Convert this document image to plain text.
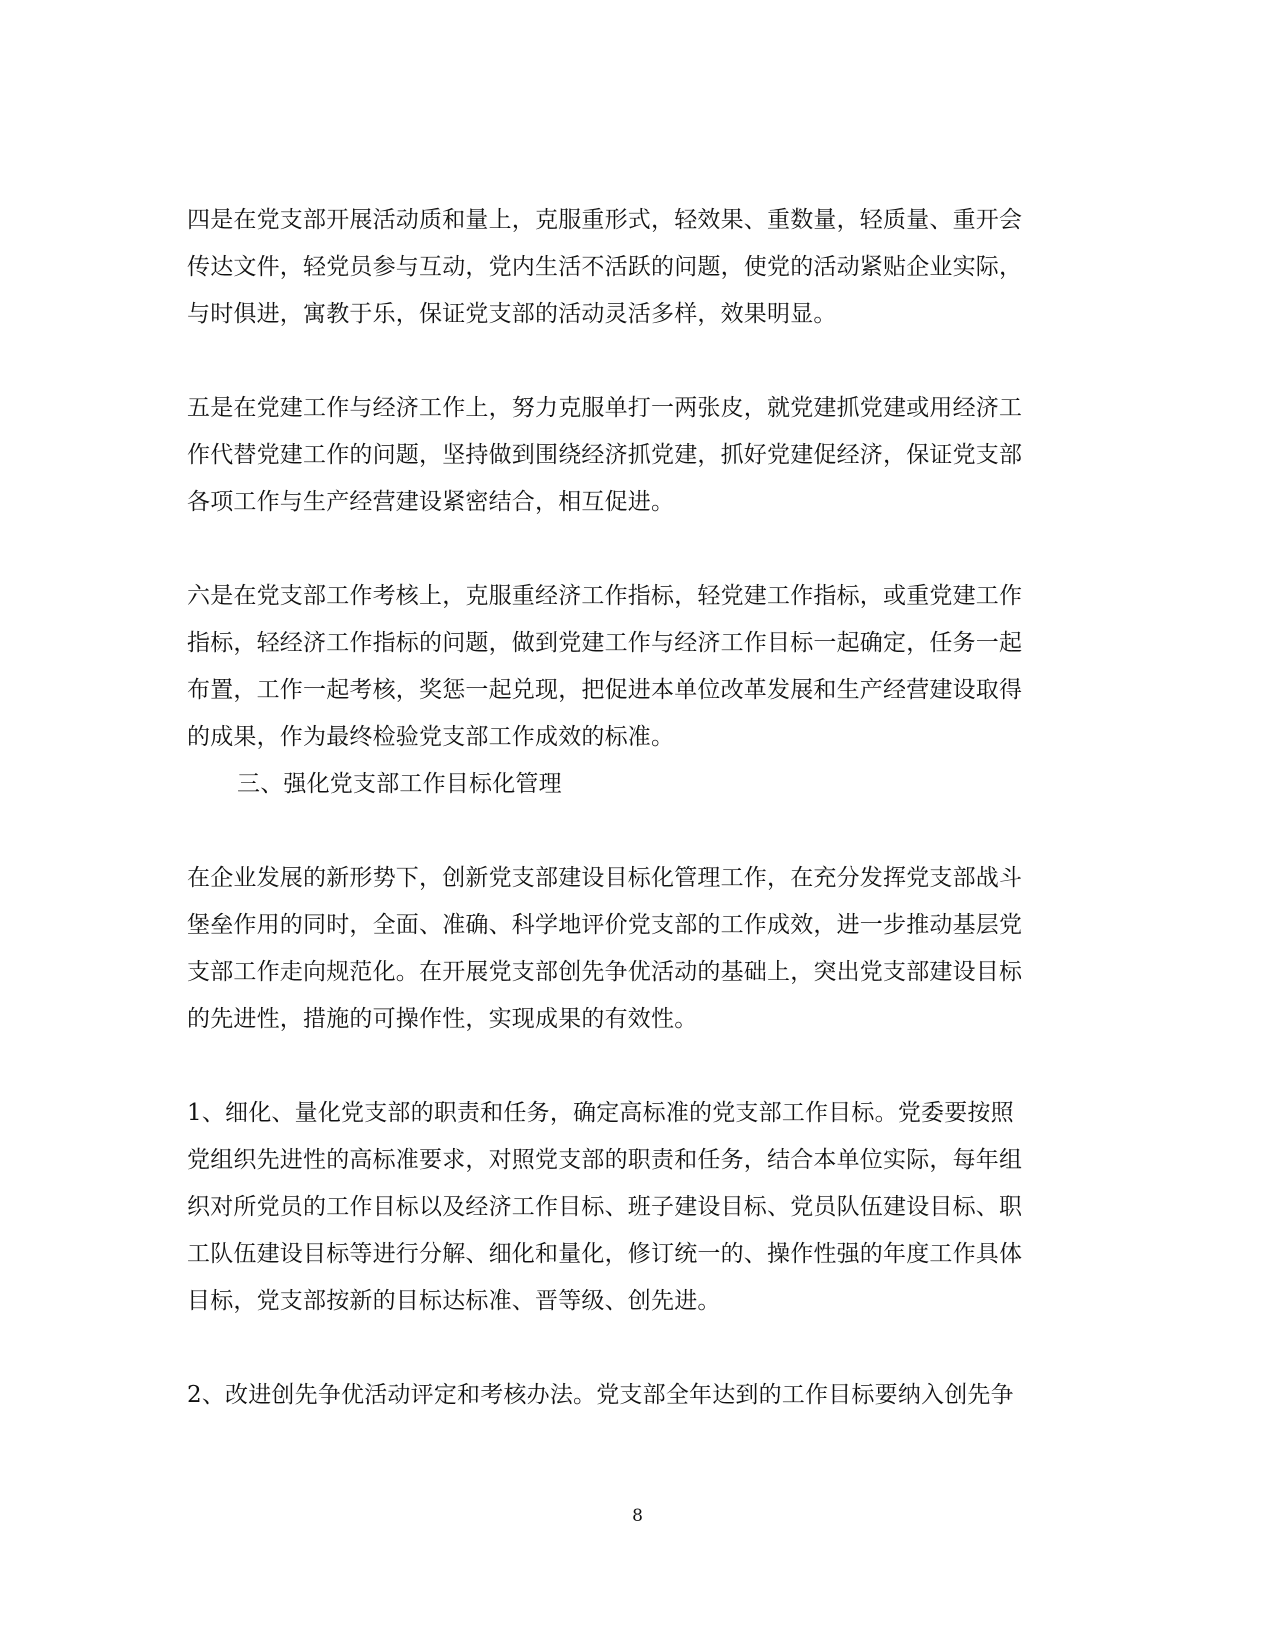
四是在党支部开展活动质和量上，克服重形式，轻效果、重数量，轻质量、重开会
传达文件，轻党员参与互动，党内生活不活跃的问题，使党的活动紧贴企业实际，
与时俱进，寓教于乐，保证党支部的活动灵活多样，效果明显。
五是在党建工作与经济工作上，努力克服单打一两张皮，就党建抓党建或用经济工
作代替党建工作的问题，坚持做到围绕经济抓党建，抓好党建促经济，保证党支部
各项工作与生产经营建设紧密结合，相互促进。
六是在党支部工作考核上，克服重经济工作指标，轻党建工作指标，或重党建工作
指标，轻经济工作指标的问题，做到党建工作与经济工作目标一起确定，任务一起
布置，工作一起考核，奖惩一起兑现，把促进本单位改革发展和生产经营建设取得
的成果，作为最终检验党支部工作成效的标准。
三、强化党支部工作目标化管理
在企业发展的新形势下，创新党支部建设目标化管理工作，在充分发挥党支部战斗
堡垒作用的同时，全面、准确、科学地评价党支部的工作成效，进一步推动基层党
支部工作走向规范化。在开展党支部创先争优活动的基础上，突出党支部建设目标
的先进性，措施的可操作性，实现成果的有效性。
1、细化、量化党支部的职责和任务，确定高标准的党支部工作目标。党委要按照
党组织先进性的高标准要求，对照党支部的职责和任务，结合本单位实际，每年组
织对所党员的工作目标以及经济工作目标、班子建设目标、党员队伍建设目标、职
工队伍建设目标等进行分解、细化和量化，修订统一的、操作性强的年度工作具体
目标，党支部按新的目标达标准、晋等级、创先进。
2、改进创先争优活动评定和考核办法。党支部全年达到的工作目标要纳入创先争
8
